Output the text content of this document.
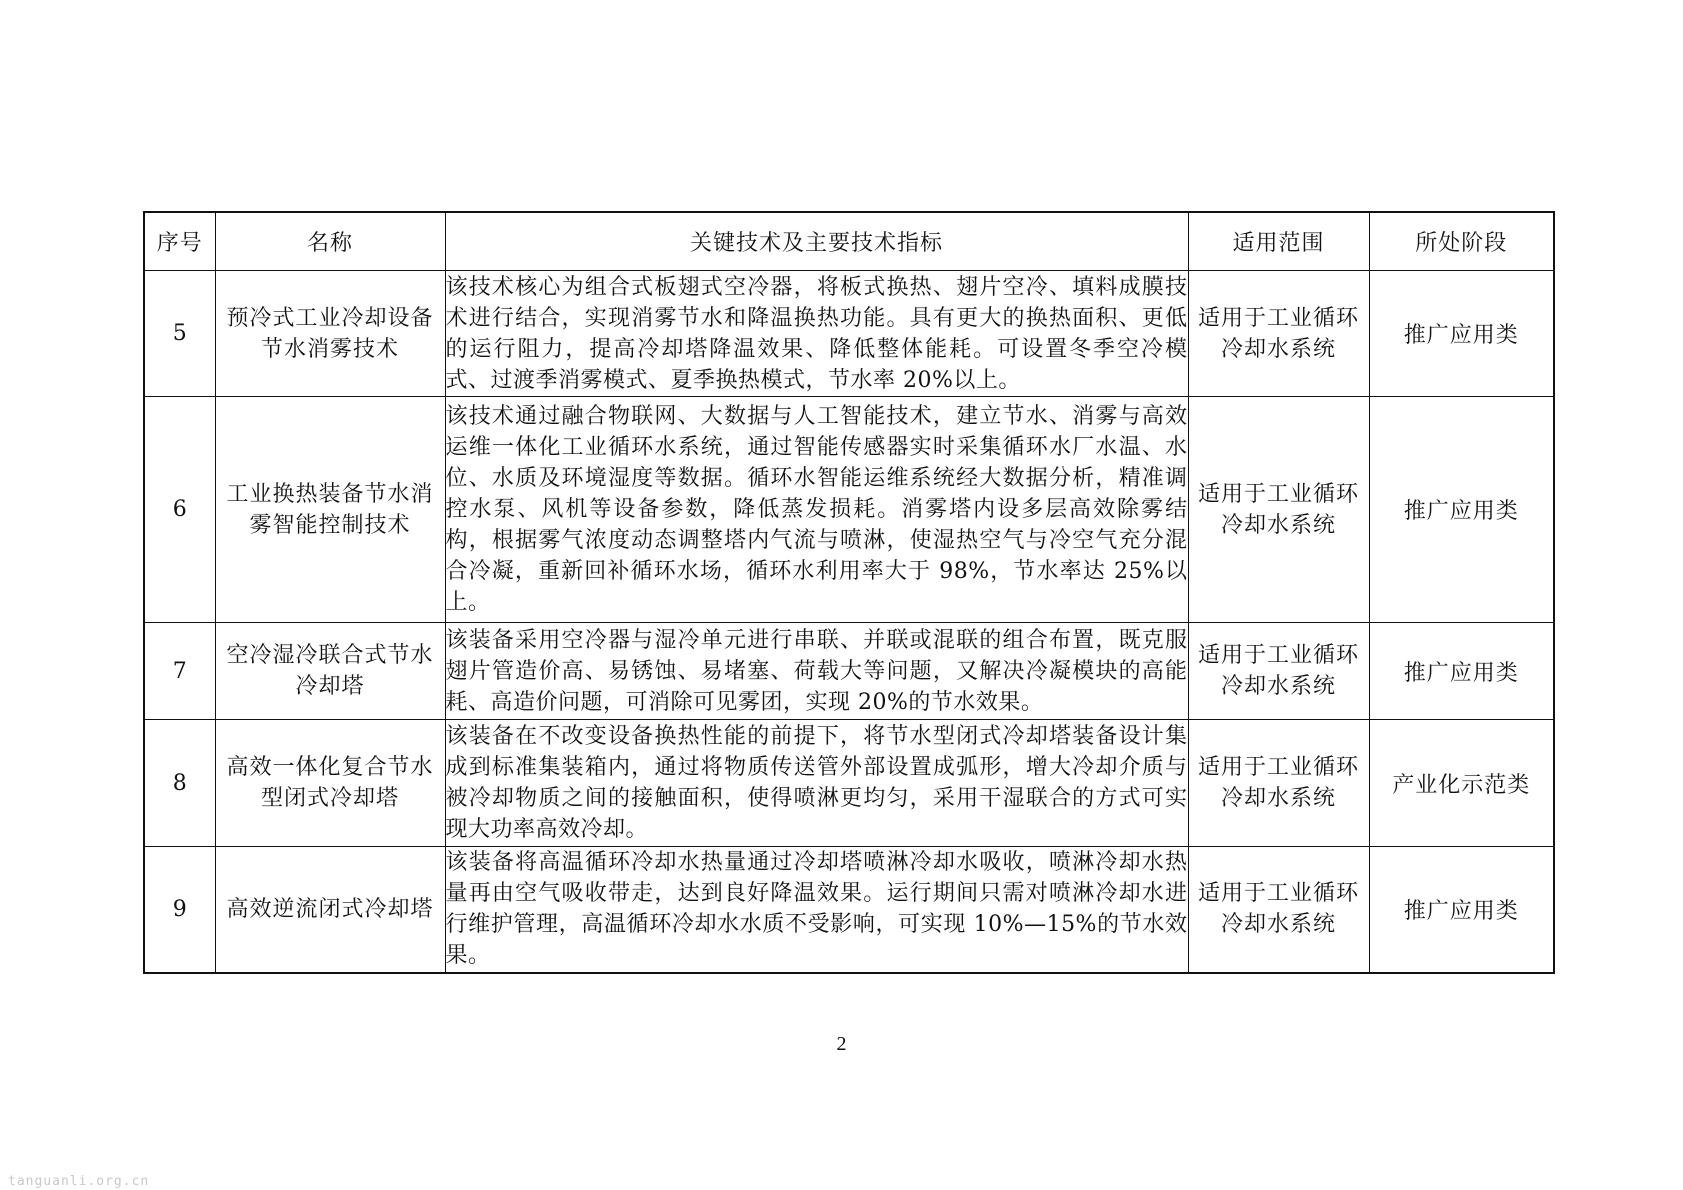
序号	名称	关键技术及主要技术指标	适用范围	所处阶段
5	预冷式工业冷却设备节水消雾技术	该技术核心为组合式板翅式空冷器，将板式换热、翅片空冷、填料成膜技术进行结合，实现消雾节水和降温换热功能。具有更大的换热面积、更低的运行阻力，提高冷却塔降温效果、降低整体能耗。可设置冬季空冷模式、过渡季消雾模式、夏季换热模式，节水率 20%以上。	适用于工业循环冷却水系统	推广应用类
6	工业换热装备节水消雾智能控制技术	该技术通过融合物联网、大数据与人工智能技术，建立节水、消雾与高效运维一体化工业循环水系统，通过智能传感器实时采集循环水厂水温、水位、水质及环境湿度等数据。循环水智能运维系统经大数据分析，精准调控水泵、风机等设备参数，降低蒸发损耗。消雾塔内设多层高效除雾结构，根据雾气浓度动态调整塔内气流与喷淋，使湿热空气与冷空气充分混合冷凝，重新回补循环水场，循环水利用率大于 98%，节水率达 25%以上。	适用于工业循环冷却水系统	推广应用类
7	空冷湿冷联合式节水冷却塔	该装备采用空冷器与湿冷单元进行串联、并联或混联的组合布置，既克服翅片管造价高、易锈蚀、易堵塞、荷载大等问题，又解决冷凝模块的高能耗、高造价问题，可消除可见雾团，实现 20%的节水效果。	适用于工业循环冷却水系统	推广应用类
8	高效一体化复合节水型闭式冷却塔	该装备在不改变设备换热性能的前提下，将节水型闭式冷却塔装备设计集成到标准集装箱内，通过将物质传送管外部设置成弧形，增大冷却介质与被冷却物质之间的接触面积，使得喷淋更均匀，采用干湿联合的方式可实现大功率高效冷却。	适用于工业循环冷却水系统	产业化示范类
9	高效逆流闭式冷却塔	该装备将高温循环冷却水热量通过冷却塔喷淋冷却水吸收，喷淋冷却水热量再由空气吸收带走，达到良好降温效果。运行期间只需对喷淋冷却水进行维护管理，高温循环冷却水水质不受影响，可实现 10%—15%的节水效果。	适用于工业循环冷却水系统	推广应用类
2
tanguanli.org.cn
